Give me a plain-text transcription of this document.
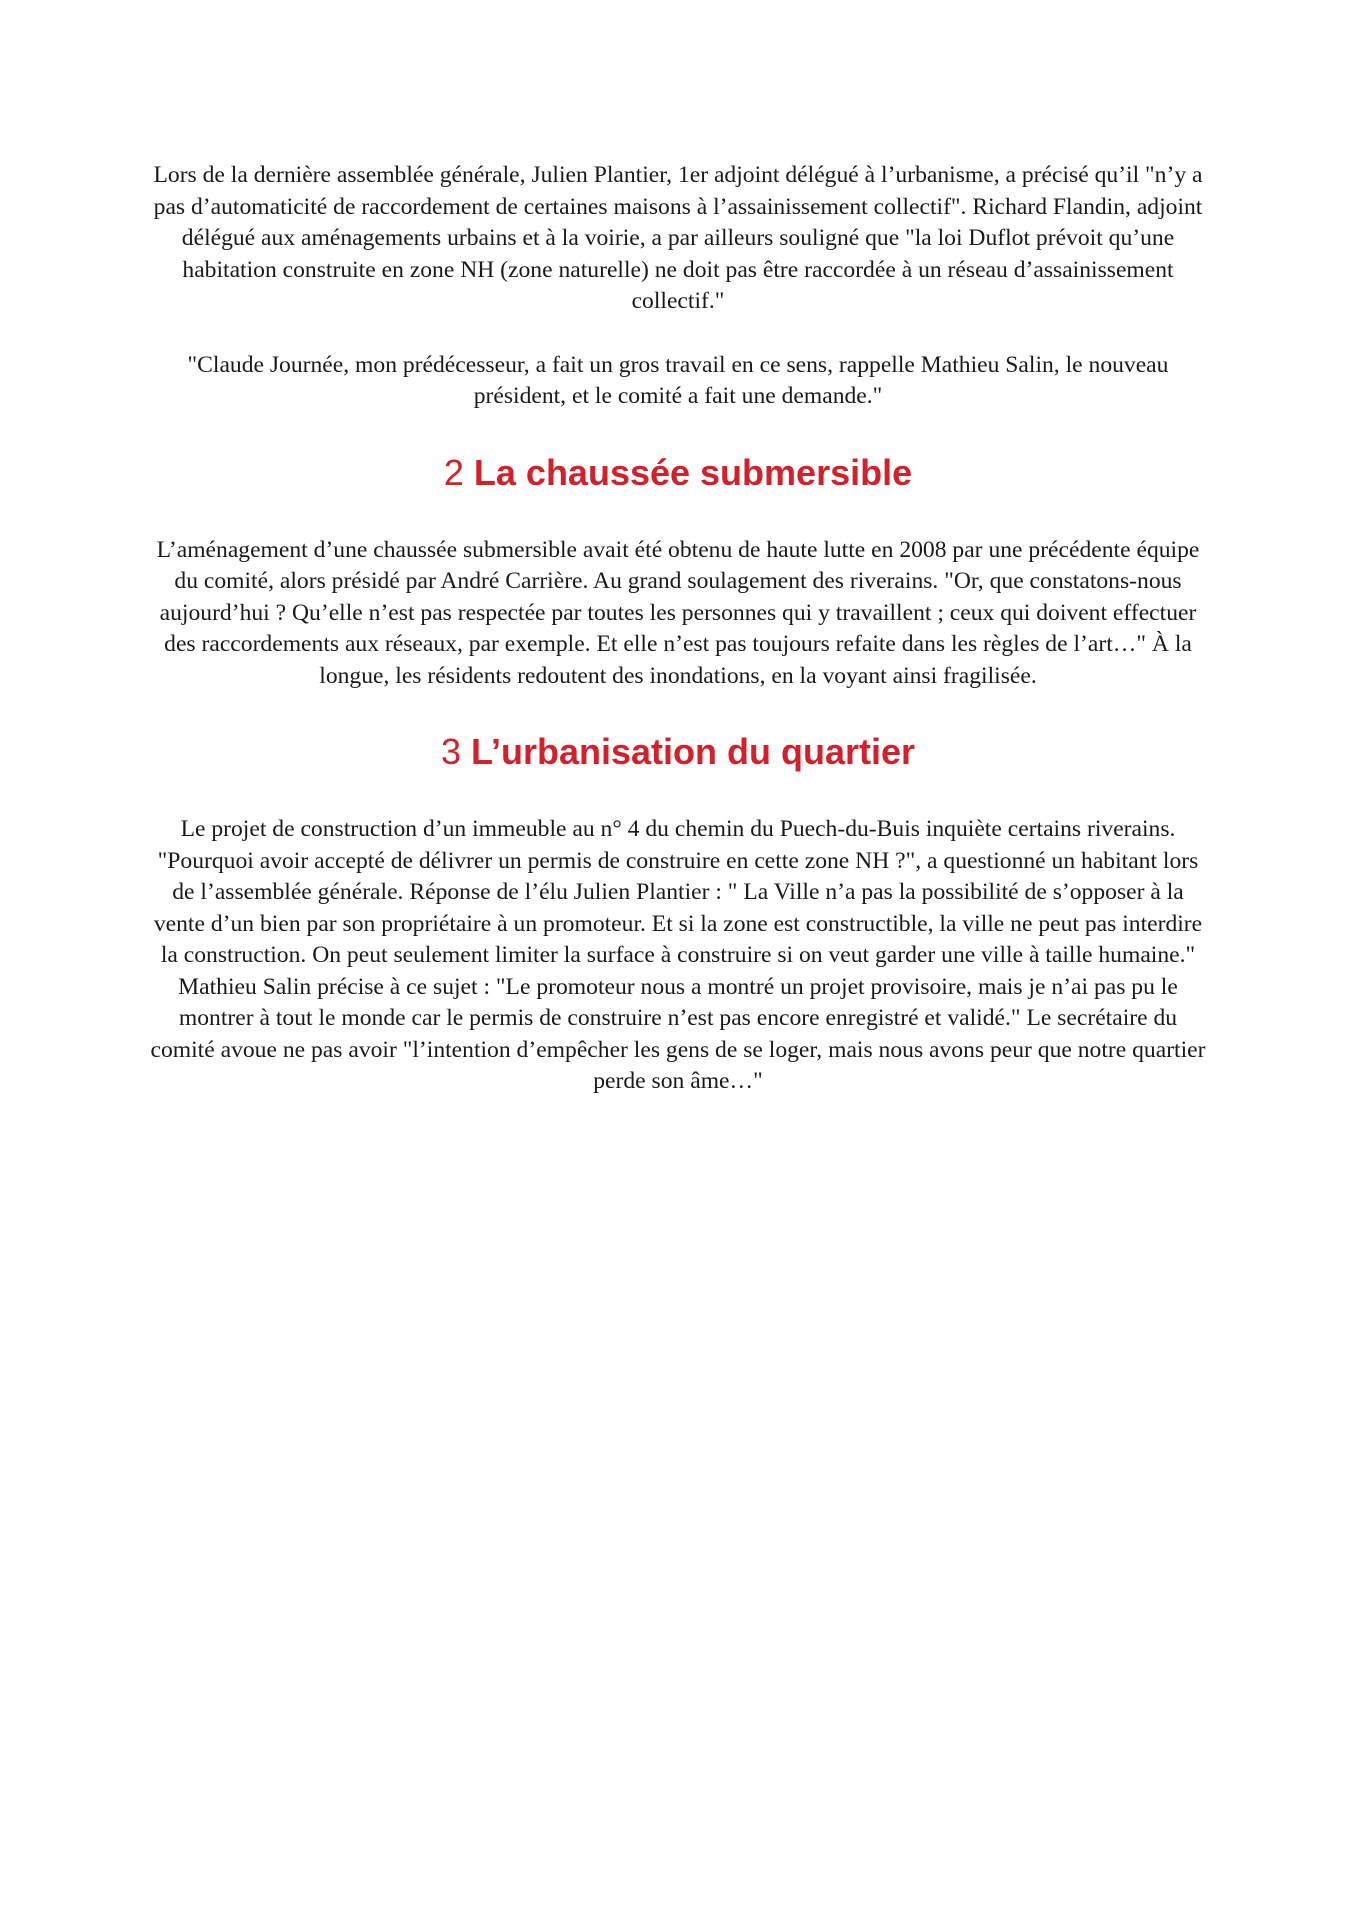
Lors de la dernière assemblée générale, Julien Plantier, 1er adjoint délégué à l’urbanisme, a précisé qu’il "n’y a pas d’automaticité de raccordement de certaines maisons à l’assainissement collectif". Richard Flandin, adjoint délégué aux aménagements urbains et à la voirie, a par ailleurs souligné que "la loi Duflot prévoit qu’une habitation construite en zone NH (zone naturelle) ne doit pas être raccordée à un réseau d’assainissement collectif."

"Claude Journée, mon prédécesseur, a fait un gros travail en ce sens, rappelle Mathieu Salin, le nouveau président, et le comité a fait une demande."

2 La chaussée submersible

L’aménagement d’une chaussée submersible avait été obtenu de haute lutte en 2008 par une précédente équipe du comité, alors présidé par André Carrière. Au grand soulagement des riverains. "Or, que constatons-nous aujourd’hui ? Qu’elle n’est pas respectée par toutes les personnes qui y travaillent ; ceux qui doivent effectuer des raccordements aux réseaux, par exemple. Et elle n’est pas toujours refaite dans les règles de l’art…" À la longue, les résidents redoutent des inondations, en la voyant ainsi fragilisée.

3 L’urbanisation du quartier

Le projet de construction d’un immeuble au n° 4 du chemin du Puech-du-Buis inquiète certains riverains. "Pourquoi avoir accepté de délivrer un permis de construire en cette zone NH ?", a questionné un habitant lors de l’assemblée générale. Réponse de l’élu Julien Plantier : " La Ville n’a pas la possibilité de s’opposer à la vente d’un bien par son propriétaire à un promoteur. Et si la zone est constructible, la ville ne peut pas interdire la construction. On peut seulement limiter la surface à construire si on veut garder une ville à taille humaine." Mathieu Salin précise à ce sujet : "Le promoteur nous a montré un projet provisoire, mais je n’ai pas pu le montrer à tout le monde car le permis de construire n’est pas encore enregistré et validé." Le secrétaire du comité avoue ne pas avoir "l’intention d’empêcher les gens de se loger, mais nous avons peur que notre quartier perde son âme…"
